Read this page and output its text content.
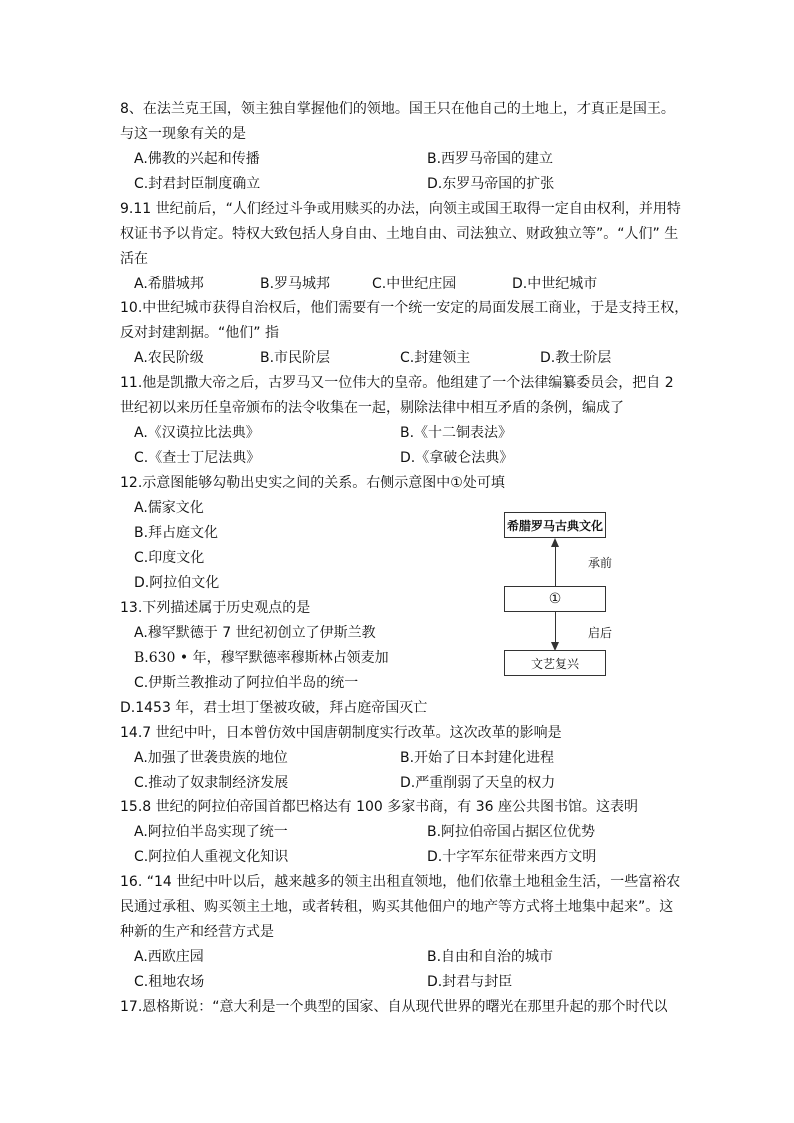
8、在法兰克王国，领主独自掌握他们的领地。国王只在他自己的土地上，才真正是国王。
与这一现象有关的是
A.佛教的兴起和传播	B.西罗马帝国的建立
C.封君封臣制度确立	D.东罗马帝国的扩张
9.11 世纪前后，“人们经过斗争或用赎买的办法，向领主或国王取得一定自由权利，并用特
权证书予以肯定。特权大致包括人身自由、土地自由、司法独立、财政独立等”。“人们” 生
活在
A.希腊城邦	B.罗马城邦	C.中世纪庄园	D.中世纪城市
10.中世纪城市获得自治权后，他们需要有一个统一安定的局面发展工商业，于是支持王权，
反对封建割据。“他们” 指
A.农民阶级	B.市民阶层	C.封建领主	D.教士阶层
11.他是凯撒大帝之后，古罗马又一位伟大的皇帝。他组建了一个法律编纂委员会，把自 2
世纪初以来历任皇帝颁布的法令收集在一起，剔除法律中相互矛盾的条例，编成了
A.《汉谟拉比法典》	B.《十二铜表法》
C.《查士丁尼法典》	D.《拿破仑法典》
12.示意图能够勾勒出史实之间的关系。右侧示意图中①处可填
A.儒家文化
B.拜占庭文化
C.印度文化
D.阿拉伯文化
希腊罗马古典文化
承前
①
启后
文艺复兴
13.下列描述属于历史观点的是
A.穆罕默德于 7 世纪初创立了伊斯兰教
B.630 • 年，穆罕默德率穆斯林占领麦加
C.伊斯兰教推动了阿拉伯半岛的统一
D.1453 年，君士坦丁堡被攻破，拜占庭帝国灭亡
14.7 世纪中叶，日本曾仿效中国唐朝制度实行改革。这次改革的影响是
A.加强了世袭贵族的地位	B.开始了日本封建化进程
C.推动了奴隶制经济发展	D.严重削弱了天皇的权力
15.8 世纪的阿拉伯帝国首都巴格达有 100 多家书商，有 36 座公共图书馆。这表明
A.阿拉伯半岛实现了统一	B.阿拉伯帝国占据区位优势
C.阿拉伯人重视文化知识	D.十字军东征带来西方文明
16. “14 世纪中叶以后，越来越多的领主出租直领地，他们依靠土地租金生活，一些富裕农
民通过承租、购买领主土地，或者转租，购买其他佃户的地产等方式将土地集中起来”。这
种新的生产和经营方式是
A.西欧庄园	B.自由和自治的城市
C.租地农场	D.封君与封臣
17.恩格斯说：“意大利是一个典型的国家、自从现代世界的曙光在那里升起的那个时代以
